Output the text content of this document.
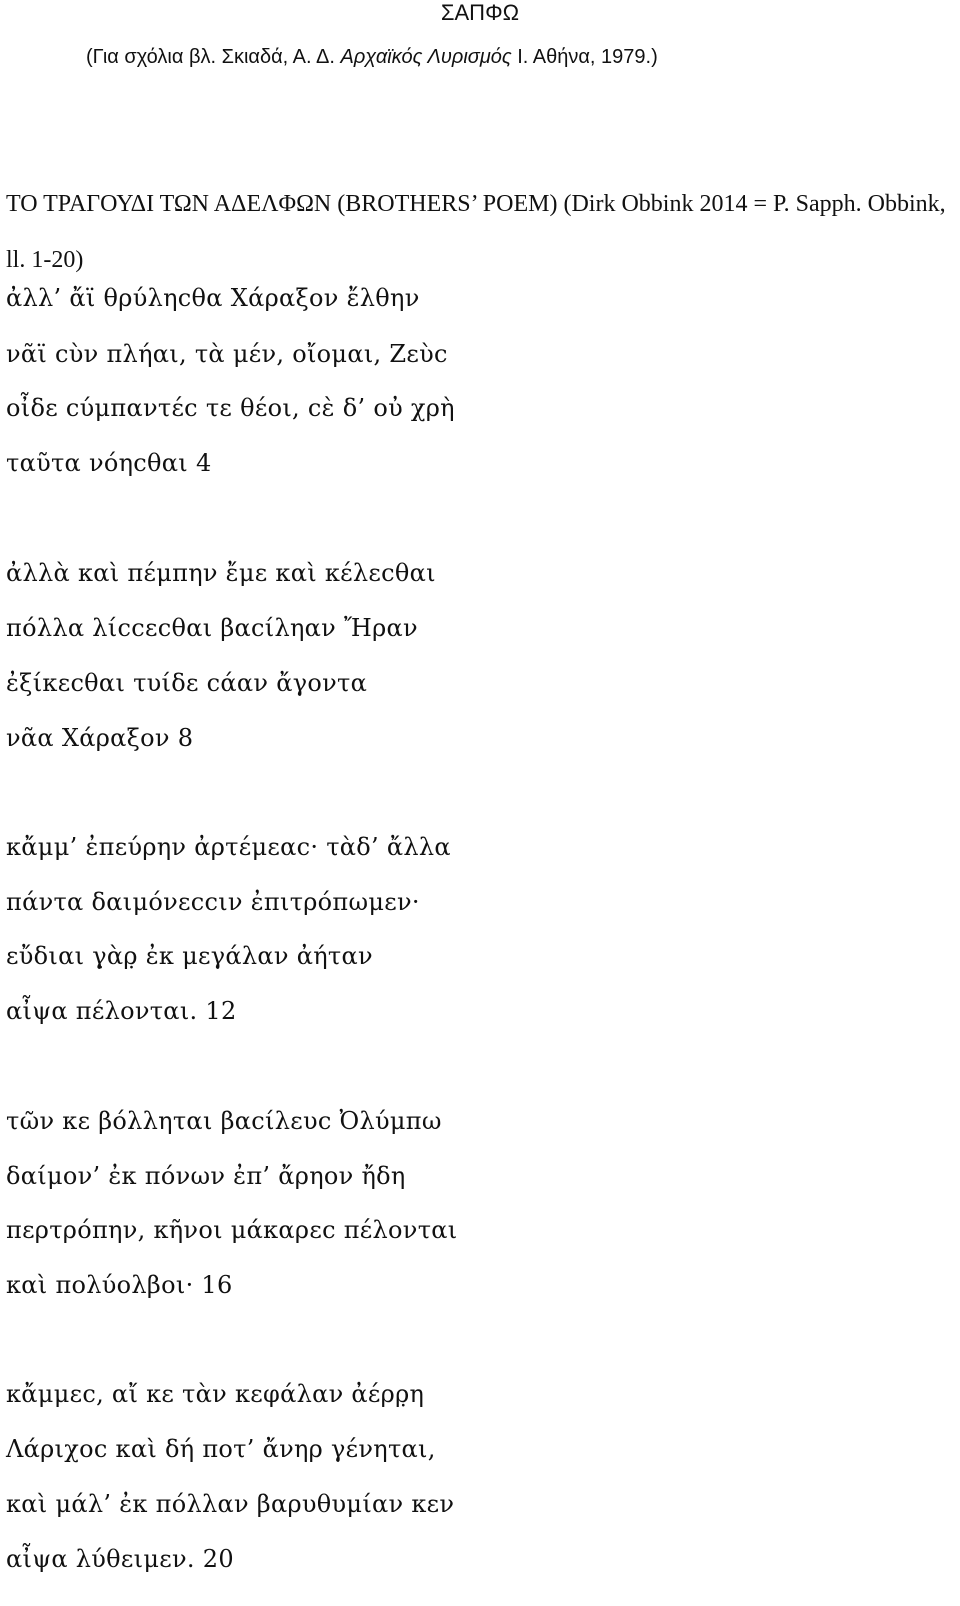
ΣΑΠΦΩ
(Για σχόλια βλ. Σκιαδά, Α. Δ. Αρχαϊκός Λυρισμός Ι. Αθήνα, 1979.)
ΤΟ ΤΡΑΓΟΥΔΙ ΤΩΝ ΑΔΕΛΦΩΝ (BROTHERS’ POEM) (Dirk Obbink 2014 = P. Sapph. Obbink, ll. 1-20)
ἀλλ’ ἄϊ θρύληcθα Χάραξον ἔλθην
νᾶϊ cὺν πλήαι, τὰ μέν, οἴομαι, Ζεὺc
οἶδε cύμπαντέc τε θέοι, cὲ δ’ οὐ χρὴ
ταῦτα νόηcθαι 4
ἀλλὰ καὶ πέμπην ἔμε καὶ κέλεcθαι
πόλλα λίccεcθαι βαcίληαν Ἤραν
ἐξίκεcθαι τυίδε cάαν ἄγοντα
νᾶα Χάραξον 8
κἄμμ’ ἐπεύρην ἀρτέμεαc· τὰδ’ ἄλλα
πάντα δαιμόνεccιν ἐπιτρόπωμεν·
εὔδιαι γ̣ὰρ̣ ἐκ μεγάλαν ἀήταν
αἶψα πέλονται. 12
τῶν κε βόλληται βαcίλευc Ὀλύμπω
δαίμον’ ἐκ πόνων ἐπ’ ἄρηον ἤδη
περτρόπην, κῆνοι μάκαρεc πέλονται
καὶ πολύολβοι· 16
κἄμμεc, αἴ κε τὰν κεφάλαν ἀέρρ̣η
Λάριχοc καὶ δή ποτ’ ἄνηρ γένηται,
καὶ μάλ’ ἐκ πόλλαν βαρυθυμίαν κεν
αἶψα λύθειμεν. 20
